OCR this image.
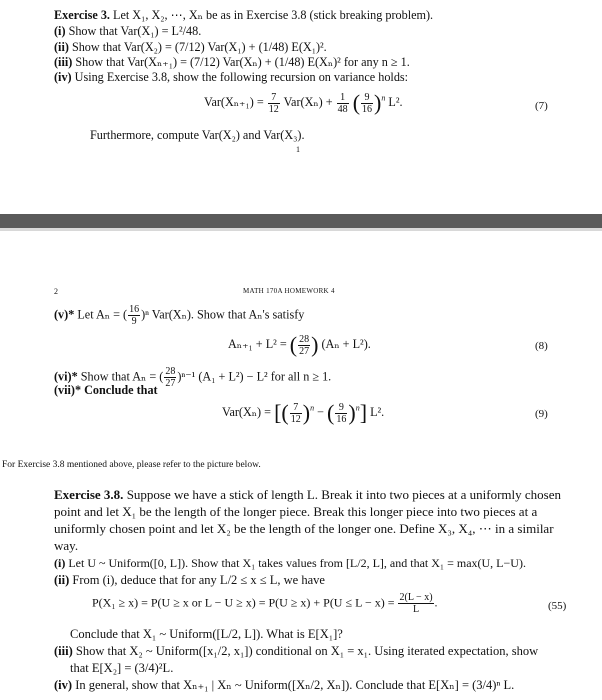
Exercise 3. Let X₁, X₂, ⋯, Xₙ be as in Exercise 3.8 (stick breaking problem).
(i) Show that Var(X₁) = L²/48.
(ii) Show that Var(X₂) = (7/12) Var(X₁) + (1/48) E(X₁)².
(iii) Show that Var(Xₙ₊₁) = (7/12) Var(Xₙ) + (1/48) E(Xₙ)² for any n ≥ 1.
(iv) Using Exercise 3.8, show the following recursion on variance holds:
$Var(X_{n+1}) = \frac{7}{12} Var(X_n) + \frac{1}{48}$ ( $\frac{9}{16} )^n$ L².	(7)
Furthermore, compute Var(X₂) and Var(X₃).
1
2	MATH 170A HOMEWORK 4
(v)* Let Aₙ = ( $\frac{16}{9} )^n$ Var(Xₙ). Show that Aₙ's satisfy
Aₙ₊₁ + L² = ( $\frac{28}{27}$ ) (Aₙ + L²).	(8)
(vi)* Show that Aₙ = ( $\frac{28}{27} )^{n-1}$ (A₁ + L²) − L² for all n ≥ 1.
(vii)* Conclude that
Var(Xₙ) = [( $\frac{7}{12} )^n$ − ( $\frac{9}{16} )^n$] L².	(9)
For Exercise 3.8 mentioned above, please refer to the picture below.
Exercise 3.8. Suppose we have a stick of length L. Break it into two pieces at a uniformly chosen
point and let X₁ be the length of the longer piece. Break this longer piece into two pieces at a
uniformly chosen point and let X₂ be the length of the longer one. Define X₃, X₄, ⋯ in a similar
way.
(i) Let U ~ Uniform([0, L]). Show that X₁ takes values from [L/2, L], and that X₁ = max(U, L−U).
(ii) From (i), deduce that for any L/2 ≤ x ≤ L, we have
P(X₁ ≥ x) = P(U ≥ x or $L - U \ge x) = P(U \ge x) + P(U \le L - x) = \frac{2(L - x)}{L}$ .	(55)
Conclude that X₁ ~ Uniform([L/2, L]). What is E[X₁]?
(iii) Show that X₂ ~ Uniform([x₁/2, x₁]) conditional on X₁ = x₁. Using iterated expectation, show
that E[X₂] = (3/4)²L.
(iv) In general, show that Xₙ₊₁ | Xₙ ~ Uniform([Xₙ/2, Xₙ]). Conclude that E[Xₙ] = (3/4)ⁿ L.
